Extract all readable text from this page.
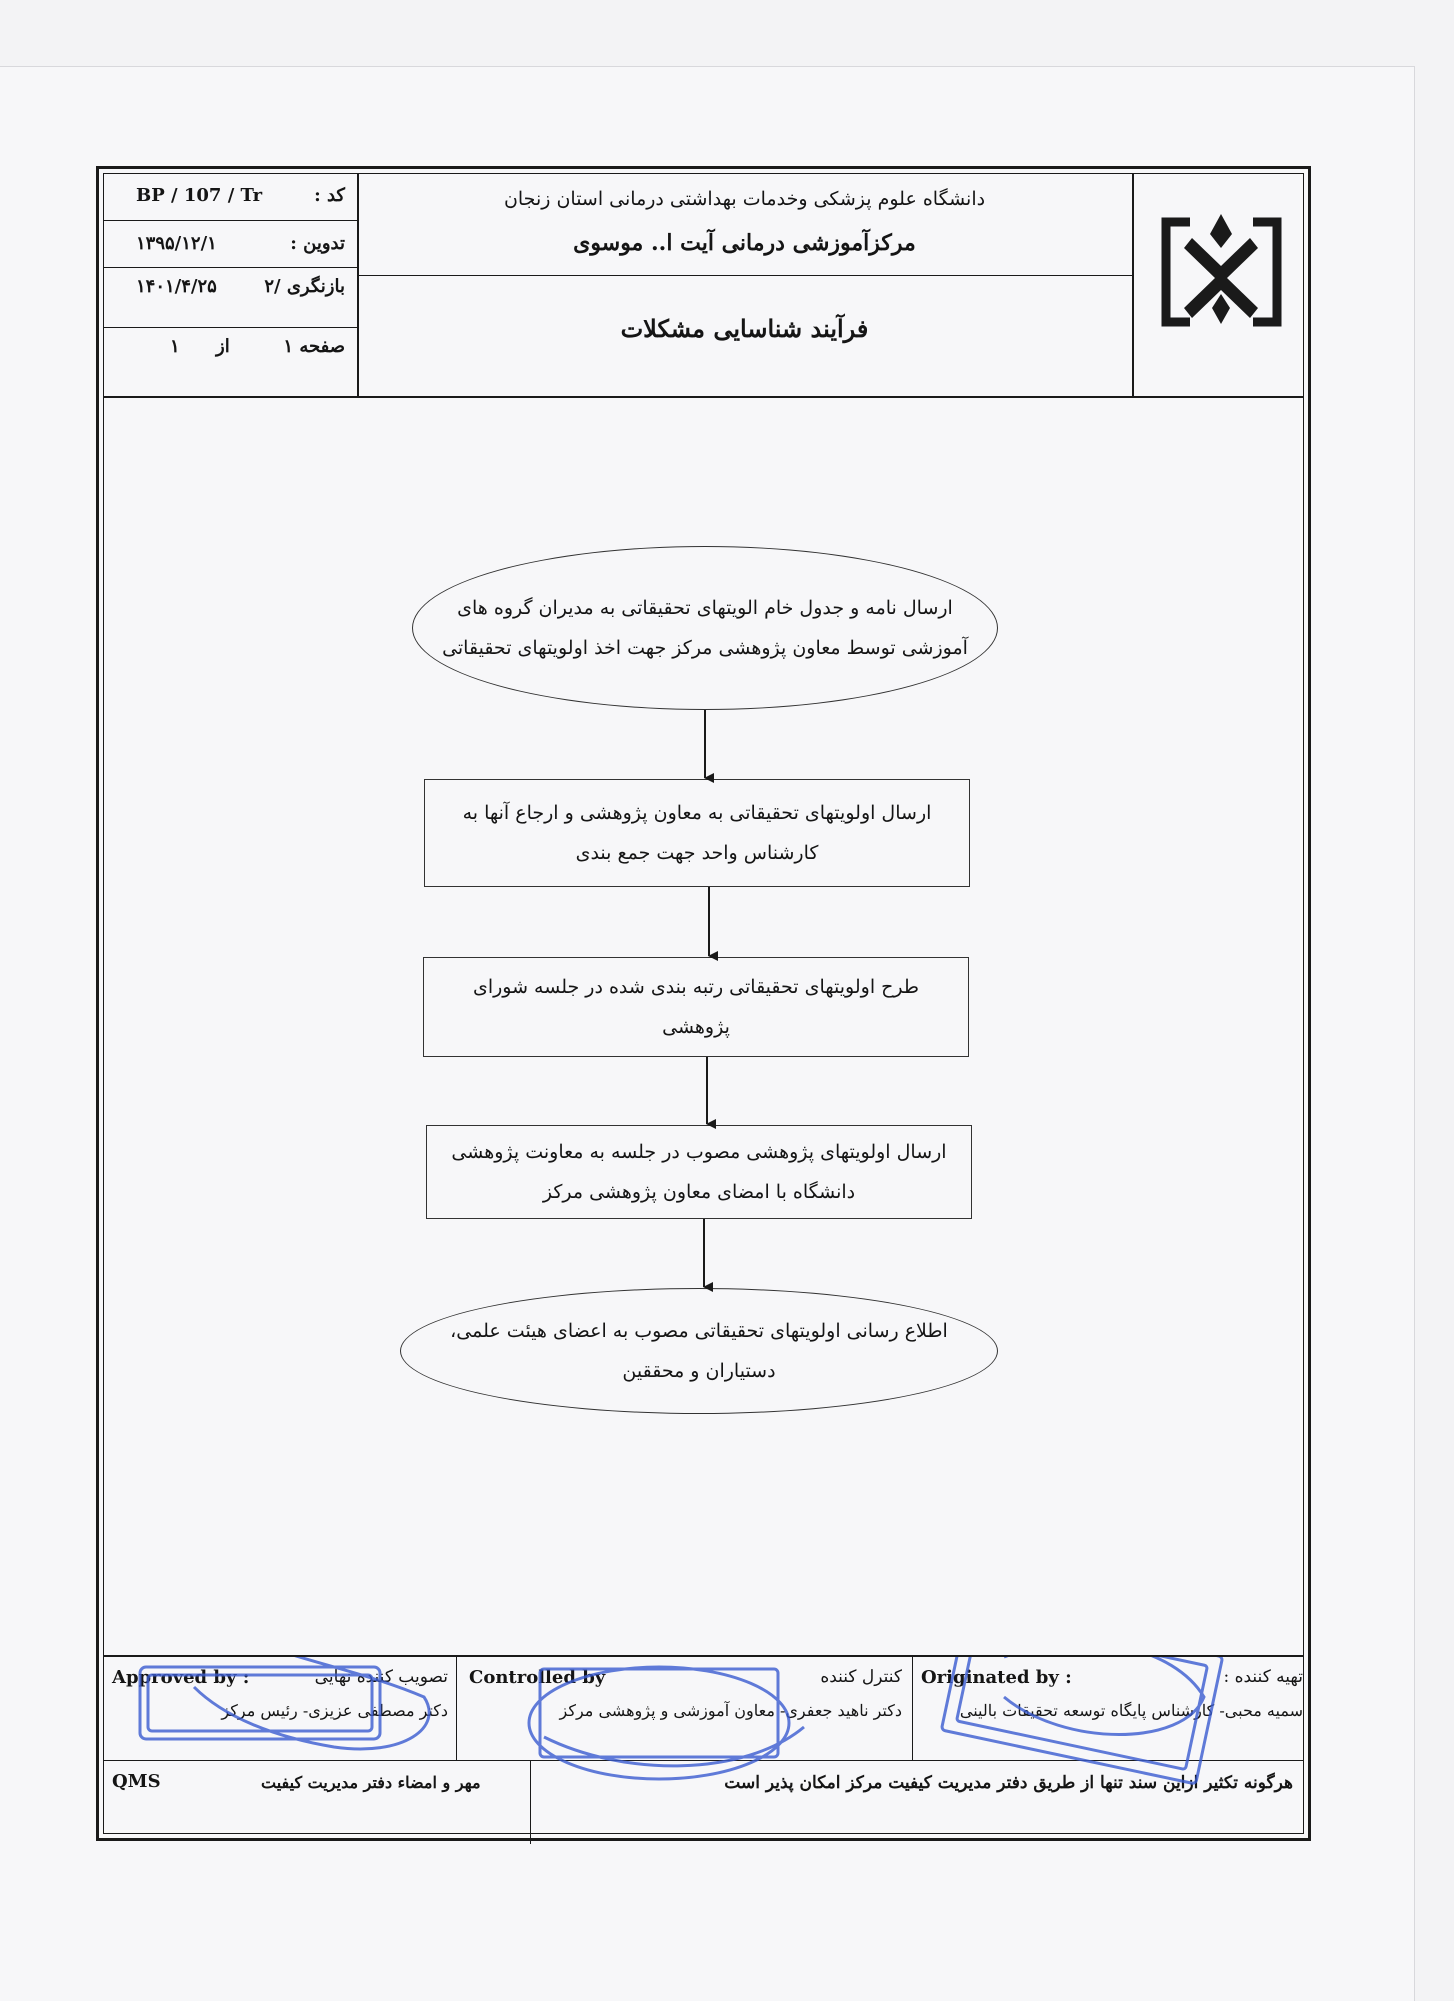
کد :
BP / 107 / Tr
تدوین :
۱۳۹۵/۱۲/۱
بازنگری /۲
۱۴۰۱/۴/۲۵
صفحه ۱
از
۱
دانشگاه علوم پزشکی وخدمات بهداشتی درمانی استان زنجان
مرکزآموزشی درمانی آیت ا.. موسوی
فرآیند شناسایی مشکلات
ارسال نامه و جدول خام الویتهای تحقیقاتی به مدیران گروه های آموزشی توسط معاون پژوهشی مرکز جهت اخذ اولویتهای تحقیقاتی
ارسال اولویتهای تحقیقاتی به معاون پژوهشی و ارجاع آنها به کارشناس واحد جهت جمع بندی
طرح اولویتهای تحقیقاتی رتبه بندی شده در جلسه شورای پژوهشی
ارسال اولویتهای پژوهشی مصوب در جلسه به معاونت پژوهشی دانشگاه با امضای معاون پژوهشی مرکز
اطلاع رسانی اولویتهای تحقیقاتی مصوب به اعضای هیئت علمی، دستیاران و محققین
Approved by :	تصویب کننده نهایی
دکتر مصطفی عزیزی- رئیس مرکز
Controlled by	کنترل کننده
دکتر ناهید جعفری- معاون آموزشی و پژوهشی مرکز
Originated by :	تهیه کننده :
سمیه محبی- کارشناس پایگاه توسعه تحقیقات بالینی
QMS	مهر و امضاء دفتر مدیریت کیفیت	هرگونه تکثیر ازاین سند تنها از طریق دفتر مدیریت کیفیت مرکز امکان پذیر است
